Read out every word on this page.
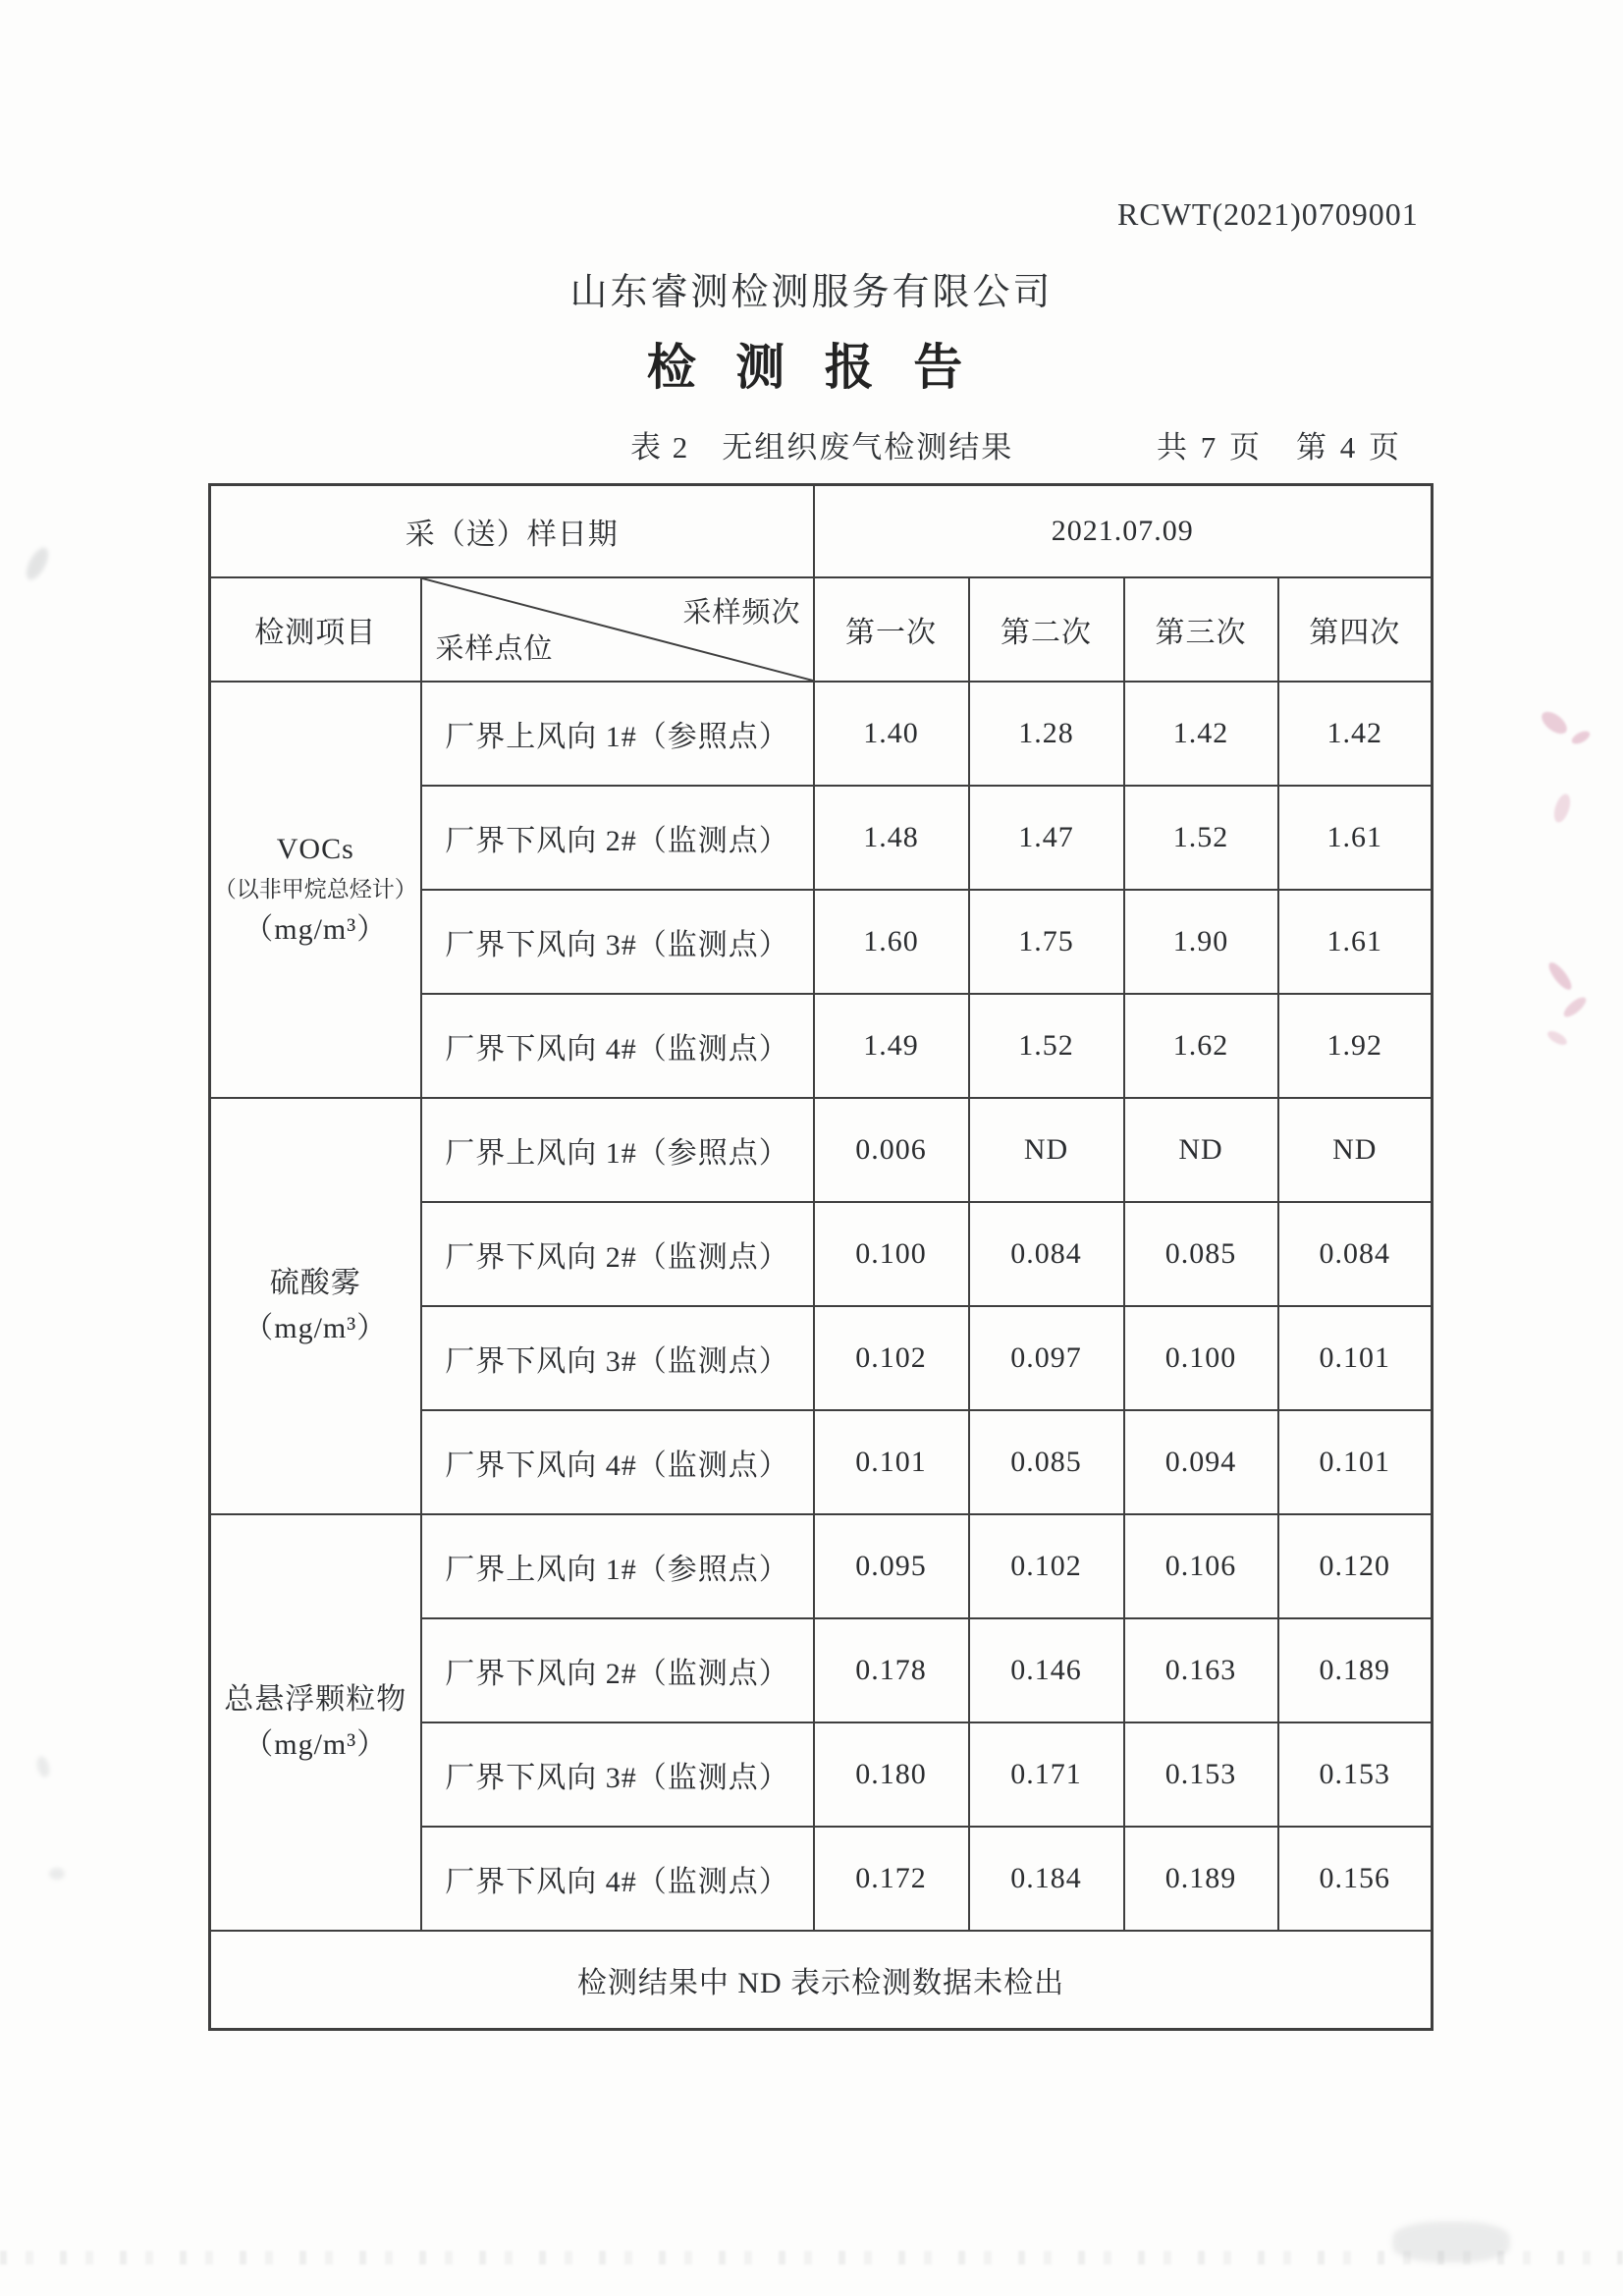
RCWT(2021)0709001
山东睿测检测服务有限公司
检 测 报 告
表 2　无组织废气检测结果	共 7 页　第 4 页
采（送）样日期		2021.07.09			
检测项目	采样频次
采样点位	第一次	第二次	第三次	第四次

VOCs
（以非甲烷总烃计）
（mg/m³）	厂界上风向 1#（参照点）	1.40	1.28	1.42	1.42
	厂界下风向 2#（监测点）	1.48	1.47	1.52	1.61
	厂界下风向 3#（监测点）	1.60	1.75	1.90	1.61
	厂界下风向 4#（监测点）	1.49	1.52	1.62	1.92

硫酸雾（mg/m³）	厂界上风向 1#（参照点）	0.006	ND	ND	ND
	厂界下风向 2#（监测点）	0.100	0.084	0.085	0.084
	厂界下风向 3#（监测点）	0.102	0.097	0.100	0.101
	厂界下风向 4#（监测点）	0.101	0.085	0.094	0.101

总悬浮颗粒物
（mg/m³）	厂界上风向 1#（参照点）	0.095	0.102	0.106	0.120
	厂界下风向 2#（监测点）	0.178	0.146	0.163	0.189
	厂界下风向 3#（监测点）	0.180	0.171	0.153	0.153
	厂界下风向 4#（监测点）	0.172	0.184	0.189	0.156
检测结果中 ND 表示检测数据未检出					
